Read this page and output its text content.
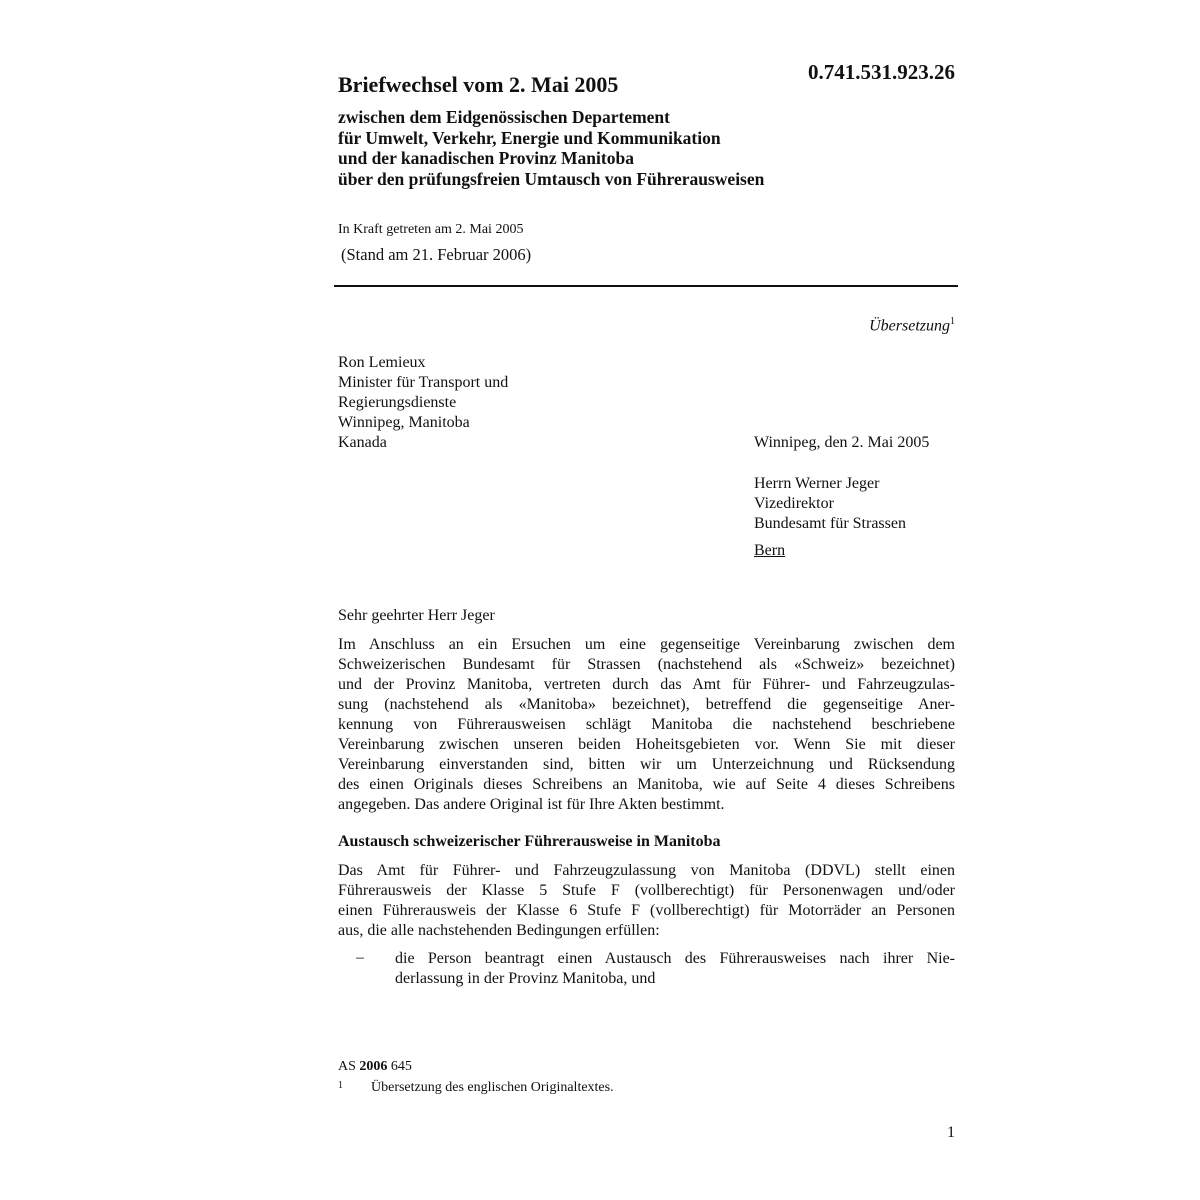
0.741.531.923.26
Briefwechsel vom 2. Mai 2005
zwischen dem Eidgenössischen Departement
für Umwelt, Verkehr, Energie und Kommunikation
und der kanadischen Provinz Manitoba
über den prüfungsfreien Umtausch von Führerausweisen
In Kraft getreten am 2. Mai 2005
(Stand am 21. Februar 2006)
Übersetzung$^1$
Ron Lemieux
Minister für Transport und
Regierungsdienste
Winnipeg, Manitoba
Kanada	Winnipeg, den 2. Mai 2005
Herrn Werner Jeger
Vizedirektor
Bundesamt für Strassen
Bern
Sehr geehrter Herr Jeger
Im Anschluss an ein Ersuchen um eine gegenseitige Vereinbarung zwischen dem
Schweizerischen Bundesamt für Strassen (nachstehend als «Schweiz» bezeichnet)
und der Provinz Manitoba, vertreten durch das Amt für Führer- und Fahrzeugzulas-
sung (nachstehend als «Manitoba» bezeichnet), betreffend die gegenseitige Aner-
kennung von Führerausweisen schlägt Manitoba die nachstehend beschriebene
Vereinbarung zwischen unseren beiden Hoheitsgebieten vor. Wenn Sie mit dieser
Vereinbarung einverstanden sind, bitten wir um Unterzeichnung und Rücksendung
des einen Originals dieses Schreibens an Manitoba, wie auf Seite 4 dieses Schreibens
angegeben. Das andere Original ist für Ihre Akten bestimmt.
Austausch schweizerischer Führerausweise in Manitoba
Das Amt für Führer- und Fahrzeugzulassung von Manitoba (DDVL) stellt einen
Führerausweis der Klasse 5 Stufe F (vollberechtigt) für Personenwagen und/oder
einen Führerausweis der Klasse 6 Stufe F (vollberechtigt) für Motorräder an Personen
aus, die alle nachstehenden Bedingungen erfüllen:
– die Person beantragt einen Austausch des Führerausweises nach ihrer Nie-
derlassung in der Provinz Manitoba, und
AS 2006 645
1 Übersetzung des englischen Originaltextes.
1
